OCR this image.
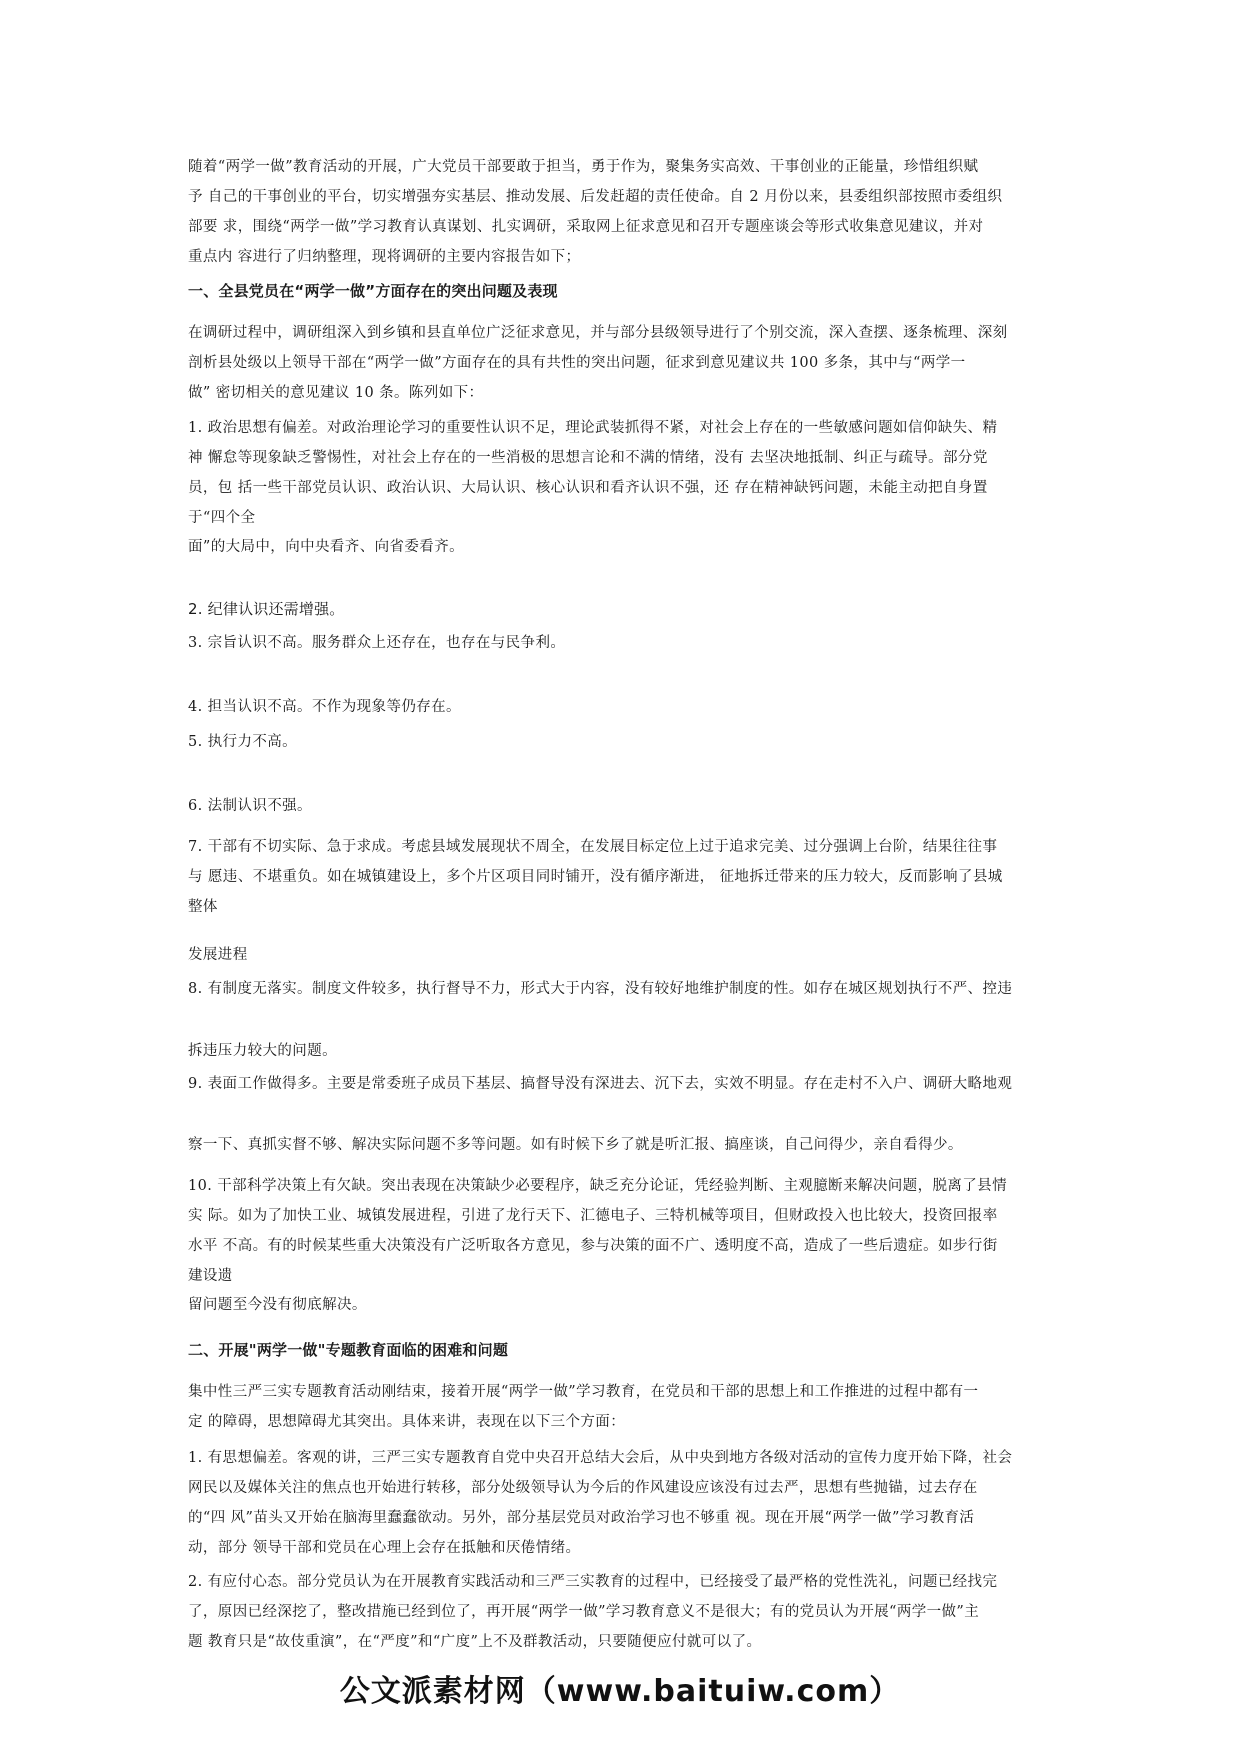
随着“两学一做”教育活动的开展，广大党员干部要敢于担当，勇于作为，聚集务实高效、干事创业的正能量，珍惜组织赋
予 自己的干事创业的平台，切实增强夯实基层、推动发展、后发赶超的责任使命。自 2 月份以来，县委组织部按照市委组织
部要 求，围绕“两学一做”学习教育认真谋划、扎实调研，采取网上征求意见和召开专题座谈会等形式收集意见建议，并对
重点内 容进行了归纳整理，现将调研的主要内容报告如下；
一、全县党员在“两学一做”方面存在的突出问题及表现
在调研过程中，调研组深入到乡镇和县直单位广泛征求意见，并与部分县级领导进行了个别交流，深入查摆、逐条梳理、深刻
剖析县处级以上领导干部在“两学一做”方面存在的具有共性的突出问题，征求到意见建议共 100 多条，其中与“两学一
做” 密切相关的意见建议 10 条。陈列如下：
1. 政治思想有偏差。对政治理论学习的重要性认识不足，理论武装抓得不紧，对社会上存在的一些敏感问题如信仰缺失、精
神 懈怠等现象缺乏警惕性，对社会上存在的一些消极的思想言论和不满的情绪，没有 去坚决地抵制、纠正与疏导。部分党
员，包 括一些干部党员认识、政治认识、大局认识、核心认识和看齐认识不强，还 存在精神缺钙问题，未能主动把自身置
于“四个全
面”的大局中，向中央看齐、向省委看齐。
2. 纪律认识还需增强。
3. 宗旨认识不高。服务群众上还存在，也存在与民争利。
4. 担当认识不高。不作为现象等仍存在。
5. 执行力不高。
6. 法制认识不强。
7. 干部有不切实际、急于求成。考虑县域发展现状不周全，在发展目标定位上过于追求完美、过分强调上台阶，结果往往事
与 愿违、不堪重负。如在城镇建设上，多个片区项目同时铺开，没有循序渐进， 征地拆迁带来的压力较大，反而影响了县城
整体
发展进程
8. 有制度无落实。制度文件较多，执行督导不力，形式大于内容，没有较好地维护制度的性。如存在城区规划执行不严、控违
拆违压力较大的问题。
9. 表面工作做得多。主要是常委班子成员下基层、搞督导没有深进去、沉下去，实效不明显。存在走村不入户、调研大略地观
察一下、真抓实督不够、解决实际问题不多等问题。如有时候下乡了就是听汇报、搞座谈，自己问得少，亲自看得少。
10. 干部科学决策上有欠缺。突出表现在决策缺少必要程序，缺乏充分论证，凭经验判断、主观臆断来解决问题，脱离了县情
实 际。如为了加快工业、城镇发展进程，引进了龙行天下、汇德电子、三特机械等项目，但财政投入也比较大，投资回报率
水平 不高。有的时候某些重大决策没有广泛听取各方意见，参与决策的面不广、透明度不高，造成了一些后遗症。如步行街
建设遗
留问题至今没有彻底解决。
二、开展"两学一做"专题教育面临的困难和问题
集中性三严三实专题教育活动刚结束，接着开展“两学一做”学习教育，在党员和干部的思想上和工作推进的过程中都有一
定 的障碍，思想障碍尤其突出。具体来讲，表现在以下三个方面：
1. 有思想偏差。客观的讲，三严三实专题教育自党中央召开总结大会后，从中央到地方各级对活动的宣传力度开始下降，社会
网民以及媒体关注的焦点也开始进行转移，部分处级领导认为今后的作风建设应该没有过去严，思想有些抛锚，过去存在
的“四 风”苗头又开始在脑海里蠢蠢欲动。另外，部分基层党员对政治学习也不够重 视。现在开展“两学一做”学习教育活
动，部分 领导干部和党员在心理上会存在抵触和厌倦情绪。
2. 有应付心态。部分党员认为在开展教育实践活动和三严三实教育的过程中，已经接受了最严格的党性洗礼，问题已经找完
了，原因已经深挖了，整改措施已经到位了，再开展“两学一做”学习教育意义不是很大；有的党员认为开展“两学一做”主
题 教育只是“故伎重演”，在“严度”和“广度”上不及群教活动，只要随便应付就可以了。
公文派素材网（www.baituiw.com）
